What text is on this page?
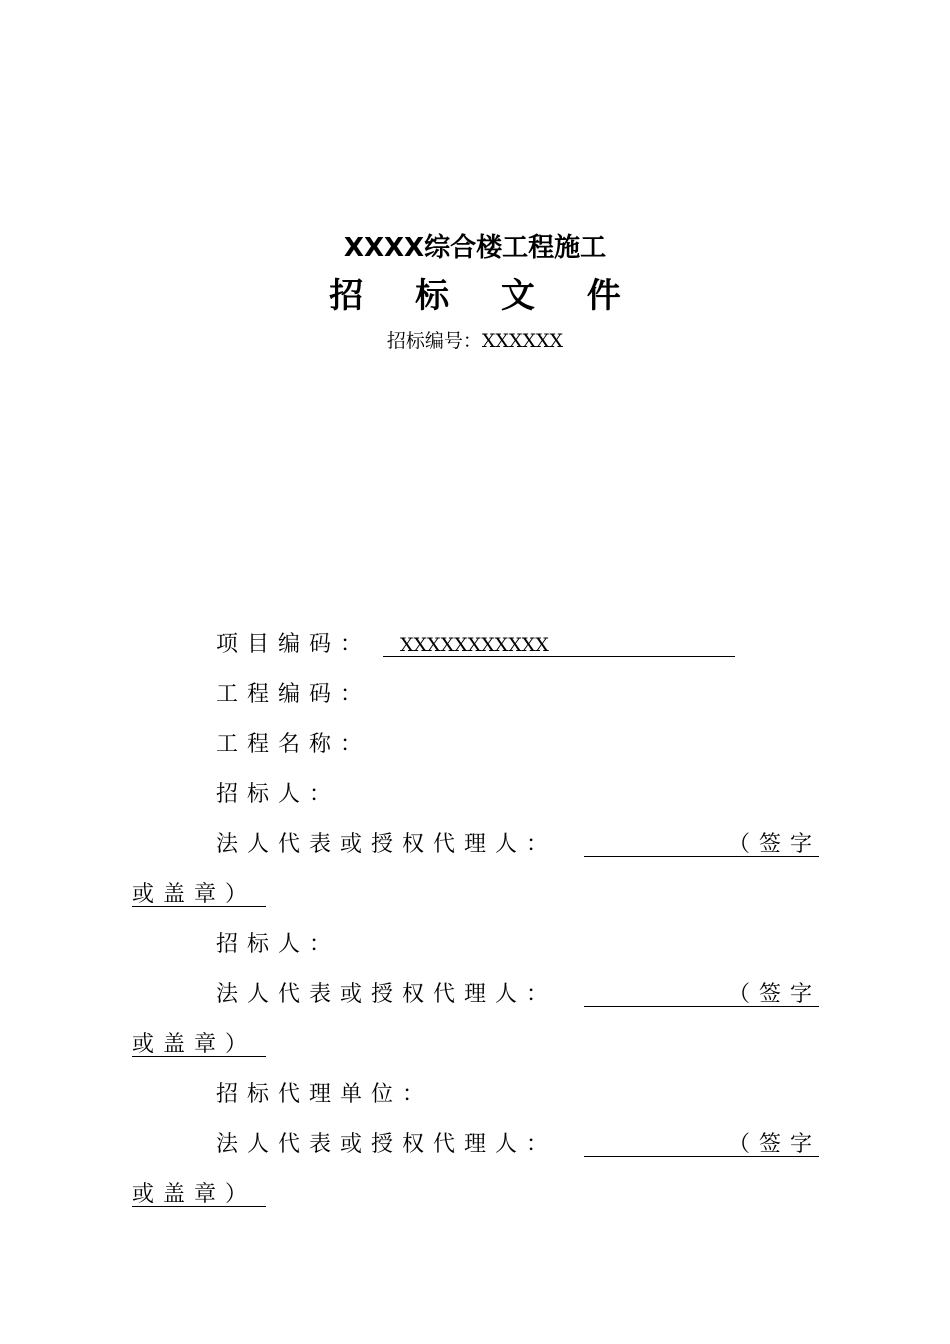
XXXX综合楼工程施工
招 标 文 件
招标编号：XXXXXX
项目编码： XXXXXXXXXXX
工程编码：
工程名称：
招标人：
法人代表或授权代理人：	（签字
或盖章）
招标人：
法人代表或授权代理人：	（签字
或盖章）
招标代理单位：
法人代表或授权代理人：	（签字
或盖章）
